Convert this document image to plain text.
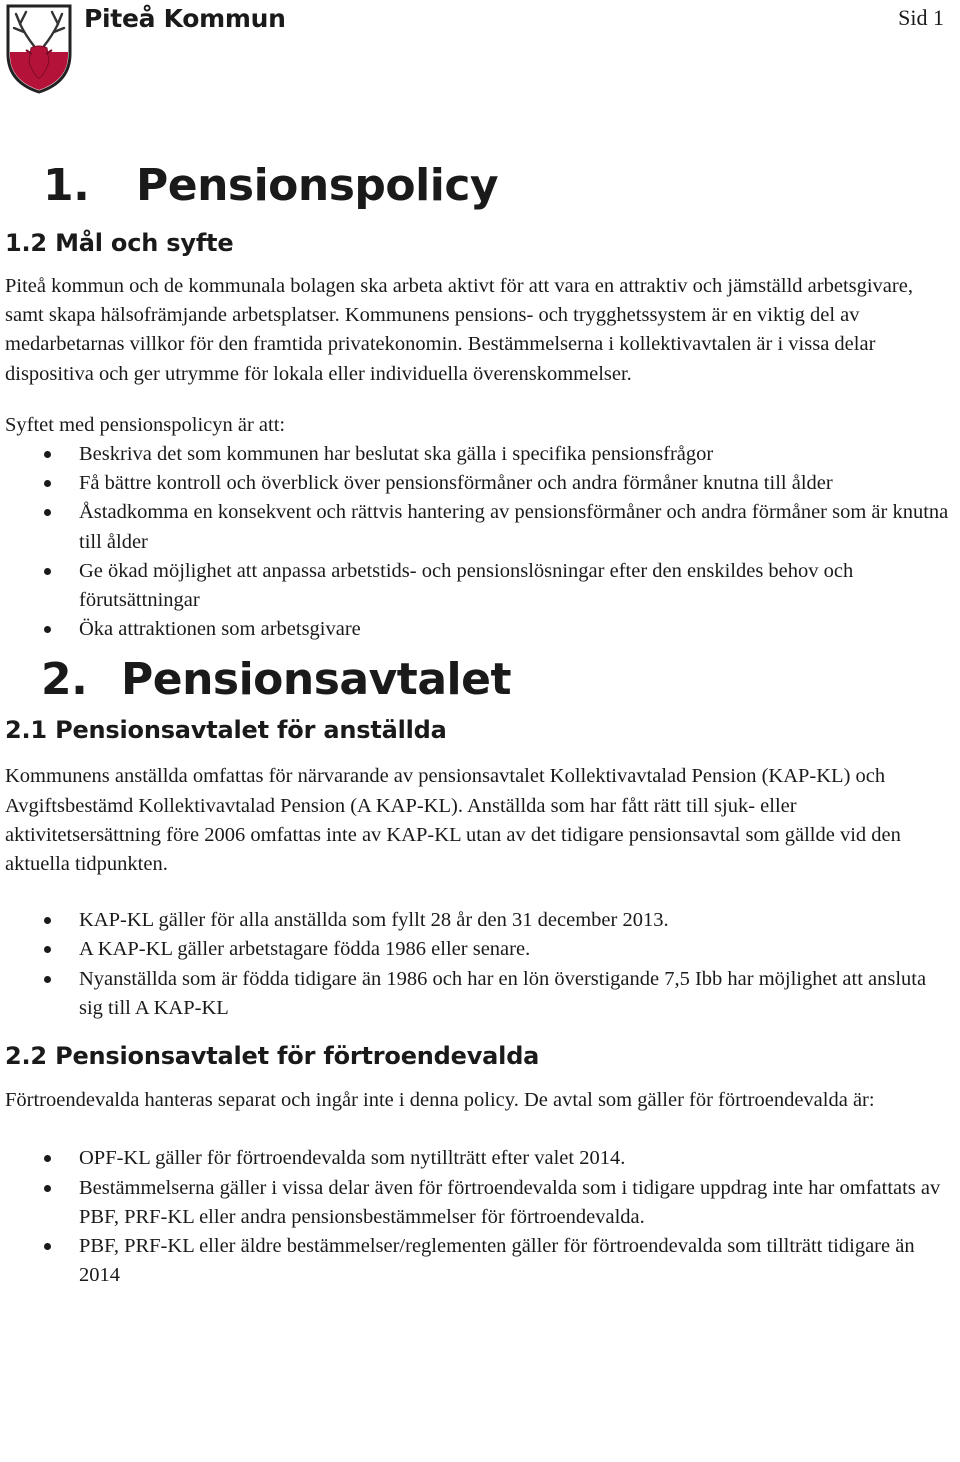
Piteå Kommun	Sid 1
1. Pensionspolicy
1.2 Mål och syfte

Piteå kommun och de kommunala bolagen ska arbeta aktivt för att vara en attraktiv och jämställd arbetsgivare, samt skapa hälsofrämjande arbetsplatser. Kommunens pensions- och trygghetssystem är en viktig del av medarbetarnas villkor för den framtida privatekonomin. Bestämmelserna i kollektivavtalen är i vissa delar dispositiva och ger utrymme för lokala eller individuella överenskommelser.

Syftet med pensionspolicyn är att:

Beskriva det som kommunen har beslutat ska gälla i specifika pensionsfrågor
Få bättre kontroll och överblick över pensionsförmåner och andra förmåner knutna till ålder
Åstadkomma en konsekvent och rättvis hantering av pensionsförmåner och andra förmåner som är knutna till ålder
Ge ökad möjlighet att anpassa arbetstids- och pensionslösningar efter den enskildes behov och förutsättningar
Öka attraktionen som arbetsgivare
2. Pensionsavtalet
2.1 Pensionsavtalet för anställda

Kommunens anställda omfattas för närvarande av pensionsavtalet Kollektivavtalad Pension (KAP-KL) och Avgiftsbestämd Kollektivavtalad Pension (A KAP-KL). Anställda som har fått rätt till sjuk- eller aktivitetsersättning före 2006 omfattas inte av KAP-KL utan av det tidigare pensionsavtal som gällde vid den aktuella tidpunkten.

KAP-KL gäller för alla anställda som fyllt 28 år den 31 december 2013.
A KAP-KL gäller arbetstagare födda 1986 eller senare.
Nyanställda som är födda tidigare än 1986 och har en lön överstigande 7,5 Ibb har möjlighet att ansluta sig till A KAP-KL
2.2 Pensionsavtalet för förtroendevalda

Förtroendevalda hanteras separat och ingår inte i denna policy. De avtal som gäller för förtroendevalda är:

OPF-KL gäller för förtroendevalda som nytillträtt efter valet 2014.
Bestämmelserna gäller i vissa delar även för förtroendevalda som i tidigare uppdrag inte har omfattats av PBF, PRF-KL eller andra pensionsbestämmelser för förtroendevalda.
PBF, PRF-KL eller äldre bestämmelser/reglementen gäller för förtroendevalda som tillträtt tidigare än 2014
